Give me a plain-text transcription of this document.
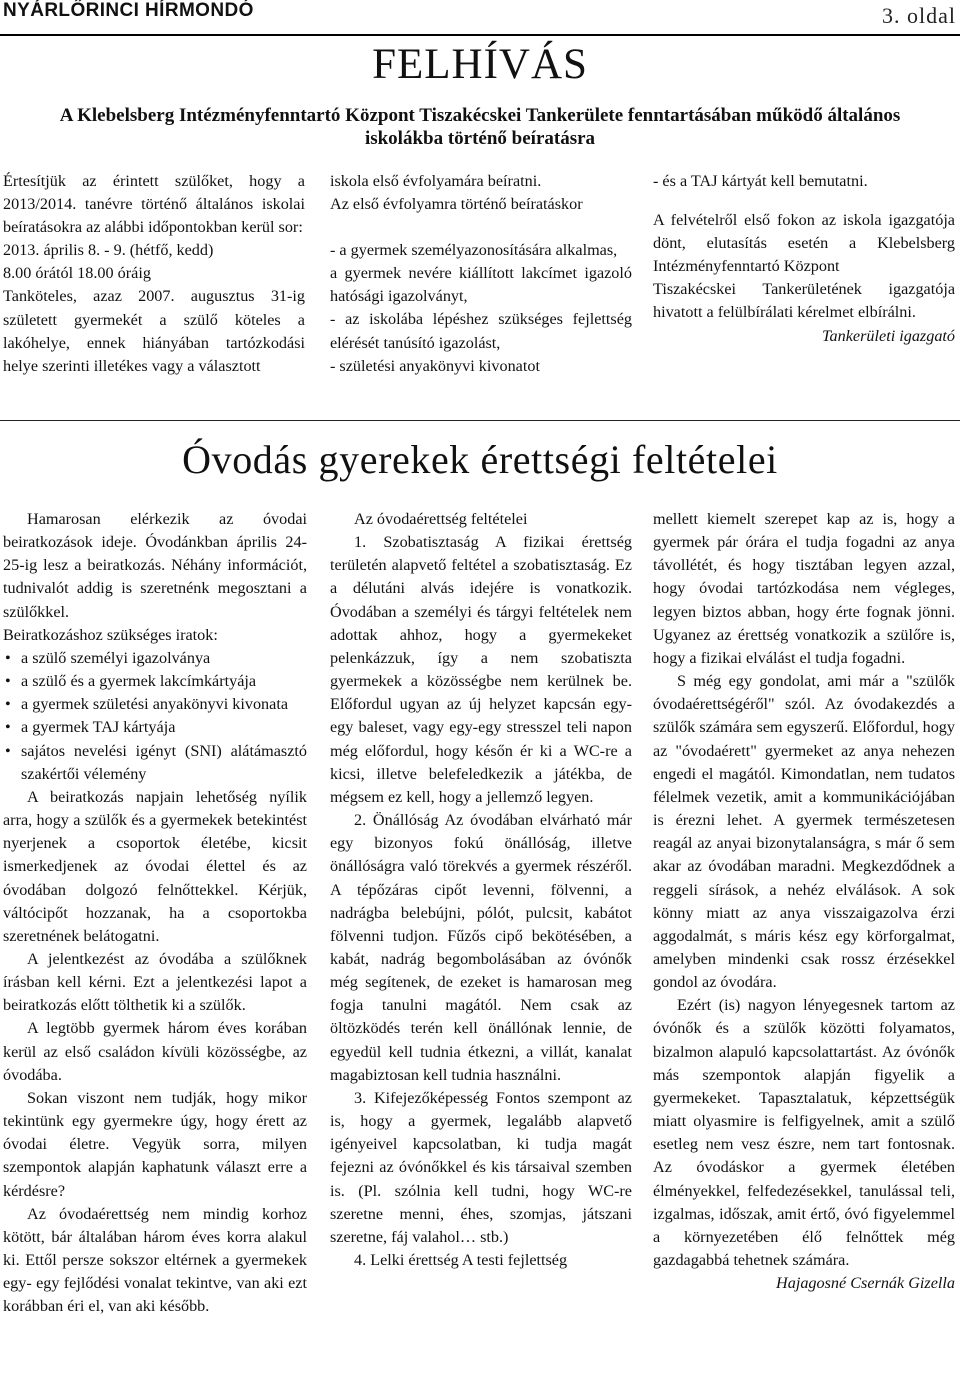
NYÁRLŐRINCI HÍRMONDÓ	3. oldal
FELHÍVÁS
A Klebelsberg Intézményfenntartó Központ Tiszakécskei Tankerülete fenntartásában működő általános iskolákba történő beíratásra

Értesítjük az érintett szülőket, hogy a 2013/2014. tanévre történő általános iskolai beíratásokra az alábbi időpontokban kerül sor:

2013. április 8. - 9. (hétfő, kedd)

8.00 órától 18.00 óráig

Tanköteles, azaz 2007. augusztus 31-ig született gyermekét a szülő köteles a lakóhelye, ennek hiányában tartózkodási helye szerinti illetékes vagy a választott

iskola első évfolyamára beíratni.

Az első évfolyamra történő beíratáskor

- a gyermek személyazonosítására alkalmas,

a gyermek nevére kiállított lakcímet igazoló hatósági igazolványt,

- az iskolába lépéshez szükséges fejlettség elérését tanúsító igazolást,

- születési anyakönyvi kivonatot

- és a TAJ kártyát kell bemutatni.

A felvételről első fokon az iskola igazgatója dönt, elutasítás esetén a Klebelsberg Intézményfenntartó Központ

Tiszakécskei Tankerületének igazgatója hivatott a felülbírálati kérelmet elbírálni.

Tankerületi igazgató

Óvodás gyerekek érettségi feltételei

Hamarosan elérkezik az óvodai beiratkozások ideje. Óvodánkban április 24-25-ig lesz a beiratkozás. Néhány információt, tudnivalót addig is szeretnénk megosztani a szülőkkel.

Beiratkozáshoz szükséges iratok:

• a szülő személyi igazolványa
• a szülő és a gyermek lakcímkártyája
• a gyermek születési anyakönyvi kivonata
• a gyermek TAJ kártyája
• sajátos nevelési igényt (SNI) alátámasztó szakértői vélemény

A beiratkozás napjain lehetőség nyílik arra, hogy a szülők és a gyermekek betekintést nyerjenek a csoportok életébe, kicsit ismerkedjenek az óvodai élettel és az óvodában dolgozó felnőttekkel. Kérjük, váltócipőt hozzanak, ha a csoportokba szeretnének belátogatni.

A jelentkezést az óvodába a szülőknek írásban kell kérni. Ezt a jelentkezési lapot a beiratkozás előtt tölthetik ki a szülők.

A legtöbb gyermek három éves korában kerül az első családon kívüli közösségbe, az óvodába.

Sokan viszont nem tudják, hogy mikor tekintünk egy gyermekre úgy, hogy érett az óvodai életre. Vegyük sorra, milyen szempontok alapján kaphatunk választ erre a kérdésre?

Az óvodaérettség nem mindig korhoz kötött, bár általában három éves korra alakul ki. Ettől persze sokszor eltérnek a gyermekek egy- egy fejlődési vonalat tekintve, van aki ezt korábban éri el, van aki később.

Az óvodaérettség feltételei

1. Szobatisztaság A fizikai érettség területén alapvető feltétel a szobatisztaság. Ez a délutáni alvás idejére is vonatkozik. Óvodában a személyi és tárgyi feltételek nem adottak ahhoz, hogy a gyermekeket pelenkázzuk, így a nem szobatiszta gyermekek a közösségbe nem kerülnek be. Előfordul ugyan az új helyzet kapcsán egy-egy baleset, vagy egy-egy stresszel teli napon még előfordul, hogy későn ér ki a WC-re a kicsi, illetve belefeledkezik a játékba, de mégsem ez kell, hogy a jellemző legyen.

2. Önállóság Az óvodában elvárható már egy bizonyos fokú önállóság, illetve önállóságra való törekvés a gyermek részéről. A tépőzáras cipőt levenni, fölvenni, a nadrágba belebújni, pólót, pulcsit, kabátot fölvenni tudjon. Fűzős cipő bekötésében, a kabát, nadrág begombolásában az óvónők még segítenek, de ezeket is hamarosan meg fogja tanulni magától. Nem csak az öltözködés terén kell önállónak lennie, de egyedül kell tudnia étkezni, a villát, kanalat magabiztosan kell tudnia használni.

3. Kifejezőképesség Fontos szempont az is, hogy a gyermek, legalább alapvető igényeivel kapcsolatban, ki tudja magát fejezni az óvónőkkel és kis társaival szemben is. (Pl. szólnia kell tudni, hogy WC-re szeretne menni, éhes, szomjas, játszani szeretne, fáj valahol… stb.)

4. Lelki érettség A testi fejlettség

mellett kiemelt szerepet kap az is, hogy a gyermek pár órára el tudja fogadni az anya távollétét, és hogy tisztában legyen azzal, hogy óvodai tartózkodása nem végleges, legyen biztos abban, hogy érte fognak jönni. Ugyanez az érettség vonatkozik a szülőre is, hogy a fizikai elválást el tudja fogadni.

S még egy gondolat, ami már a "szülők óvodaérettségéről" szól. Az óvodakezdés a szülők számára sem egyszerű. Előfordul, hogy az "óvodaérett" gyermeket az anya nehezen engedi el magától. Kimondatlan, nem tudatos félelmek vezetik, amit a kommunikációjában is érezni lehet. A gyermek természetesen reagál az anyai bizonytalanságra, s már ő sem akar az óvodában maradni. Megkezdődnek a reggeli sírások, a nehéz elválások. A sok könny miatt az anya visszaigazolva érzi aggodalmát, s máris kész egy körforgalmat, amelyben mindenki csak rossz érzésekkel gondol az óvodára.

Ezért (is) nagyon lényegesnek tartom az óvónők és a szülők közötti folyamatos, bizalmon alapuló kapcsolattartást. Az óvónők más szempontok alapján figyelik a gyermekeket. Tapasztalatuk, képzettségük miatt olyasmire is felfigyelnek, amit a szülő esetleg nem vesz észre, nem tart fontosnak. Az óvodáskor a gyermek életében élményekkel, felfedezésekkel, tanulással teli, izgalmas, időszak, amit értő, óvó figyelemmel a környezetében élő felnőttek még gazdagabbá tehetnek számára.

Hajagosné Csernák Gizella
